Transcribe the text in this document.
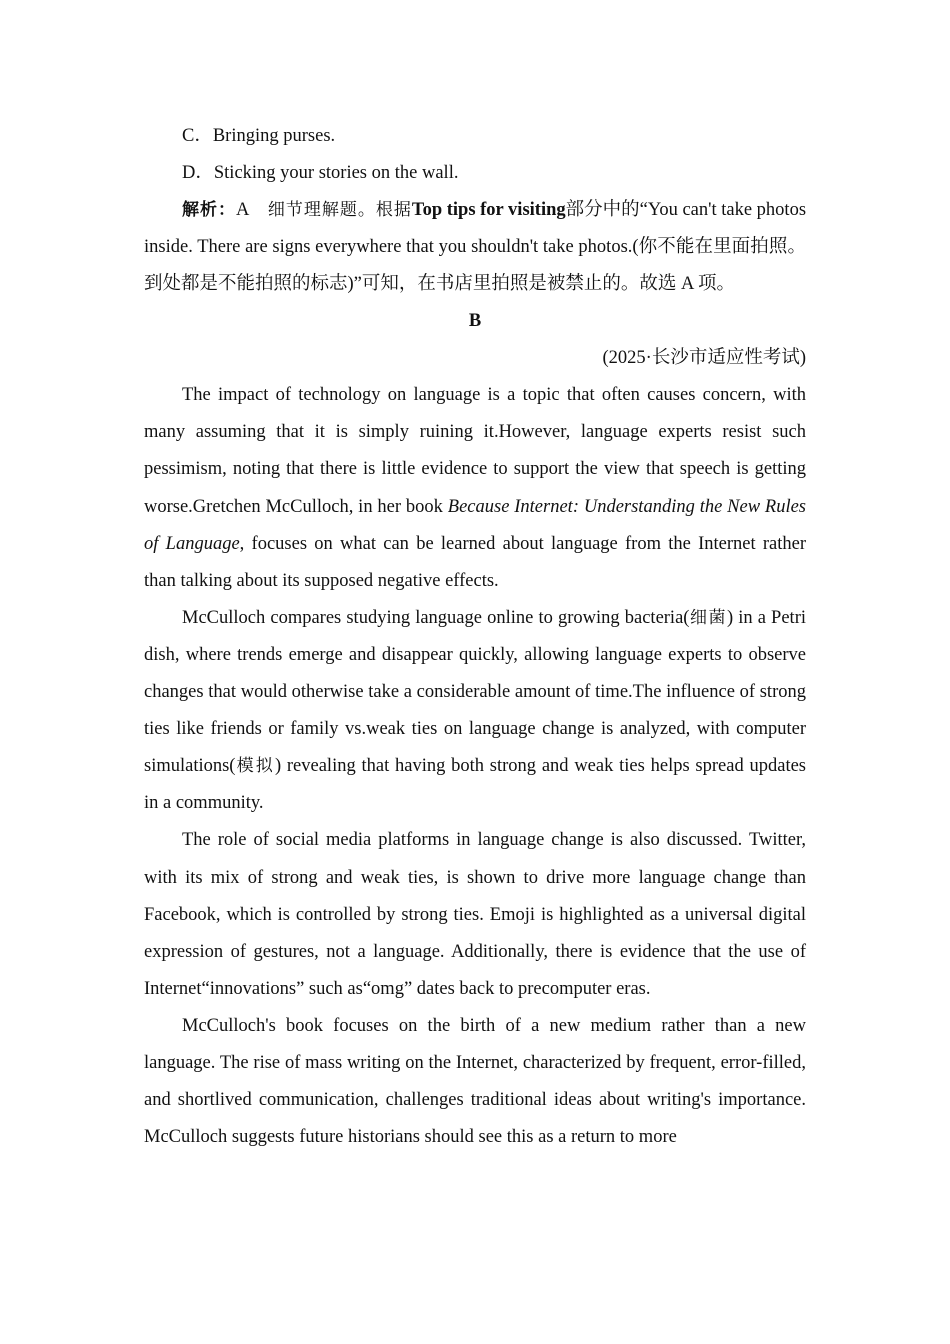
C．Bringing purses.

D．Sticking your stories on the wall.

解析：A 细节理解题。根据Top tips for visiting部分中的“You can't take photos inside. There are signs everywhere that you shouldn't take photos.(你不能在里面拍照。到处都是不能拍照的标志)”可知，在书店里拍照是被禁止的。故选 A 项。

B

(2025·长沙市适应性考试)

The impact of technology on language is a topic that often causes concern, with many assuming that it is simply ruining it.However, language experts resist such pessimism, noting that there is little evidence to support the view that speech is getting worse.Gretchen McCulloch, in her book Because Internet: Understanding the New Rules of Language, focuses on what can be learned about language from the Internet rather than talking about its supposed negative effects.

McCulloch compares studying language online to growing bacteria(细菌) in a Petri dish, where trends emerge and disappear quickly, allowing language experts to observe changes that would otherwise take a considerable amount of time.The influence of strong ties like friends or family vs.weak ties on language change is analyzed, with computer simulations(模拟) revealing that having both strong and weak ties helps spread updates in a community.

The role of social media platforms in language change is also discussed. Twitter, with its mix of strong and weak ties, is shown to drive more language change than Facebook, which is controlled by strong ties. Emoji is highlighted as a universal digital expression of gestures, not a language. Additionally, there is evidence that the use of Internet“innovations” such as“omg” dates back to precomputer eras.

McCulloch's book focuses on the birth of a new medium rather than a new language. The rise of mass writing on the Internet, characterized by frequent, error-filled, and shortlived communication, challenges traditional ideas about writing's importance. McCulloch suggests future historians should see this as a return to more
